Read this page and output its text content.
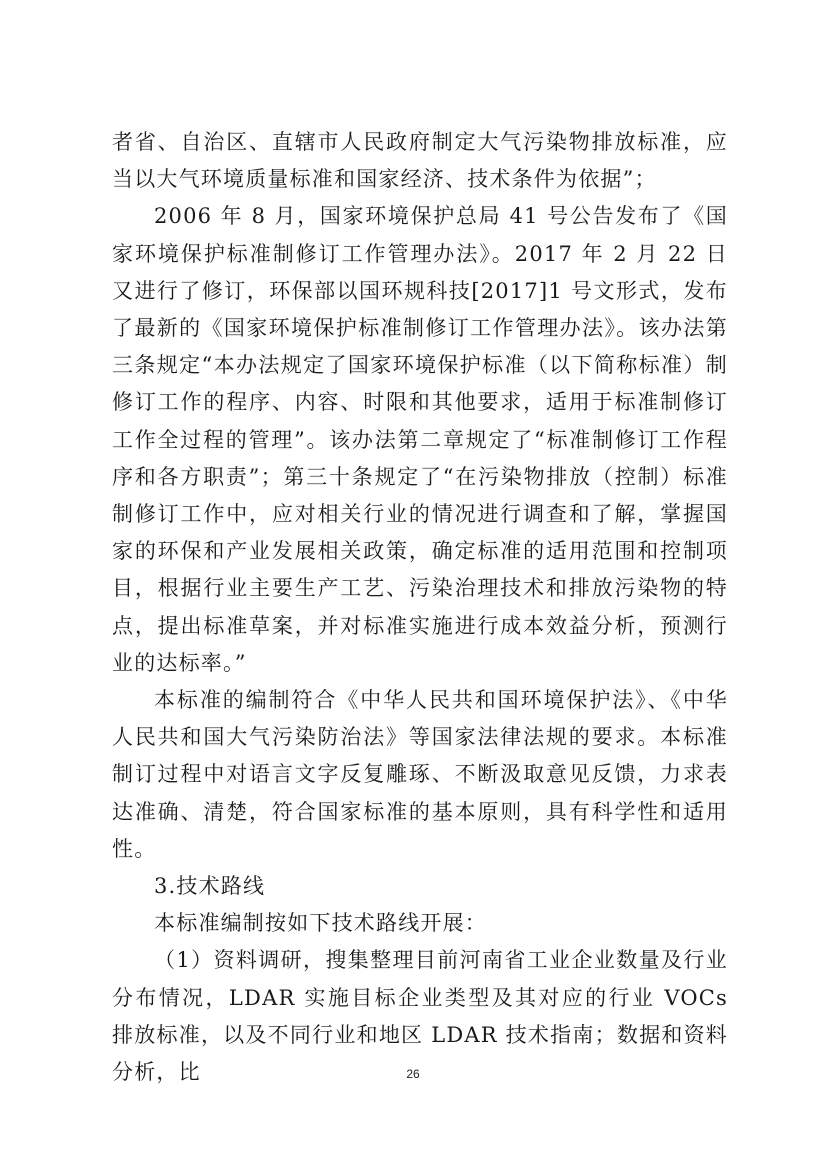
者省、自治区、直辖市人民政府制定大气污染物排放标准，应当以大气环境质量标准和国家经济、技术条件为依据”；

2006 年 8 月，国家环境保护总局 41 号公告发布了《国家环境保护标准制修订工作管理办法》。2017 年 2 月 22 日又进行了修订，环保部以国环规科技[2017]1 号文形式，发布了最新的《国家环境保护标准制修订工作管理办法》。该办法第三条规定“本办法规定了国家环境保护标准（以下简称标准）制修订工作的程序、内容、时限和其他要求，适用于标准制修订工作全过程的管理”。该办法第二章规定了“标准制修订工作程序和各方职责”；第三十条规定了“在污染物排放（控制）标准制修订工作中，应对相关行业的情况进行调查和了解，掌握国家的环保和产业发展相关政策，确定标准的适用范围和控制项目，根据行业主要生产工艺、污染治理技术和排放污染物的特点，提出标准草案，并对标准实施进行成本效益分析，预测行业的达标率。”

本标准的编制符合《中华人民共和国环境保护法》、《中华人民共和国大气污染防治法》等国家法律法规的要求。本标准制订过程中对语言文字反复雕琢、不断汲取意见反馈，力求表达准确、清楚，符合国家标准的基本原则，具有科学性和适用性。

3.技术路线

本标准编制按如下技术路线开展：

（1）资料调研，搜集整理目前河南省工业企业数量及行业分布情况，LDAR 实施目标企业类型及其对应的行业 VOCs 排放标准，以及不同行业和地区 LDAR 技术指南；数据和资料分析，比	26
